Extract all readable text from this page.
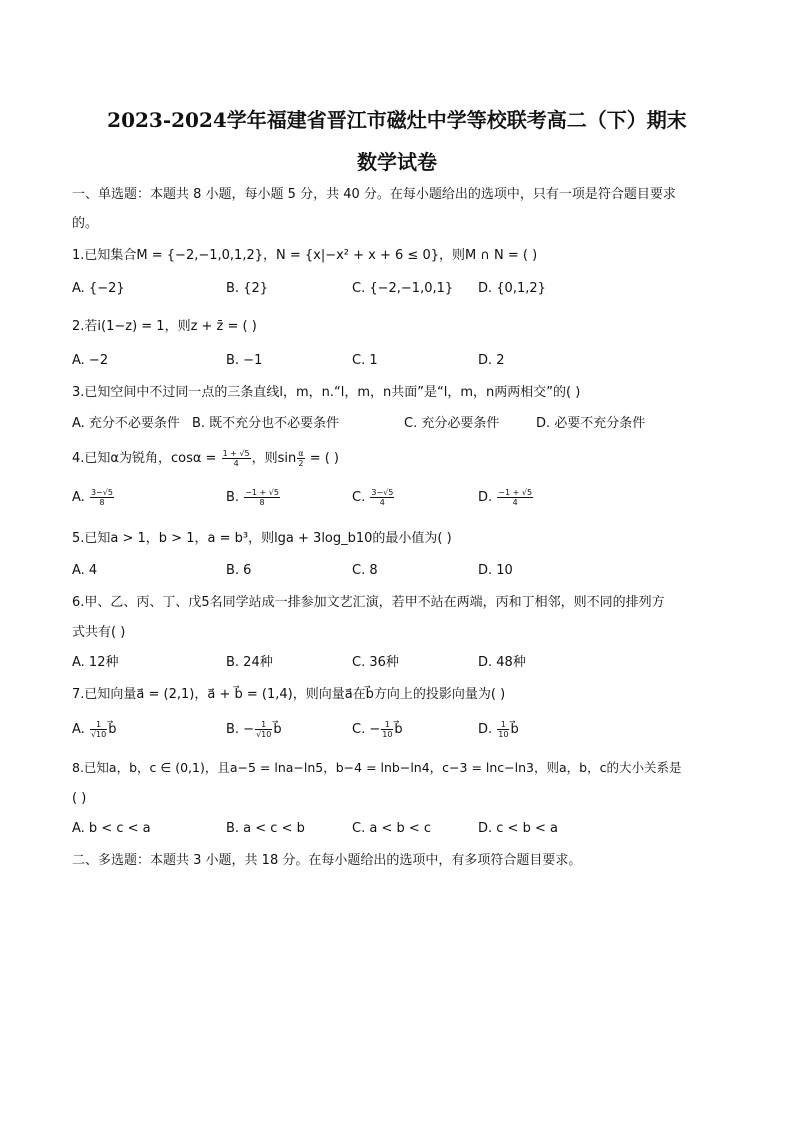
2023-2024学年福建省晋江市磁灶中学等校联考高二（下）期末
数学试卷
一、单选题：本题共 8 小题，每小题 5 分，共 40 分。在每小题给出的选项中，只有一项是符合题目要求
的。
1.已知集合M = {−2,−1,0,1,2}，N = {x|−x² + x + 6 ≤ 0}，则M ∩ N = ( )
A. {−2}	B. {2}	C. {−2,−1,0,1} D. {0,1,2}
2.若i(1−z) = 1，则z + z̄ = ( )
A. −2	B. −1	C. 1	D. 2
3.已知空间中不过同一点的三条直线l，m，n.“l，m，n共面”是“l，m，n两两相交”的( )
A. 充分不必要条件 B. 既不充分也不必要条件	C. 充分必要条件	D. 必要不充分条件
4.已知α为锐角，$\cos\alpha = \frac{1 + √5}{4}$ ，则$\sin \frac{\alpha}{2}$ = ( )
A. $\frac{3-√5}{8}$	B. $\frac{-1 + √5}{8}$	C. $\frac{3-√5}{4}$	D. $\frac{-1 + √5}{4}$
5.已知a > 1，b > 1，a = b³，则lga + 3log_b10的最小值为( )
A. 4	B. 6	C. 8	D. 10
6.甲、乙、丙、丁、戊5名同学站成一排参加文艺汇演，若甲不站在两端，丙和丁相邻，则不同的排列方
式共有( )
A. 12种	B. 24种	C. 36种	D. 48种
7.已知向量a⃗ = (2,1)，a⃗ + b⃗ = (1,4)，则向量a⃗在b⃗方向上的投影向量为( )
A. $\frac{1}{√10}$ b⃗	B. − $\frac{1}{√10}$ b⃗	C. − $\frac{1}{10}$ b⃗	D. $\frac{1}{10}$ b⃗
8.已知a，b，c ∈ (0,1)，且a−5 = lna−ln5，b−4 = lnb−ln4，c−3 = lnc−ln3，则a，b，c的大小关系是
( )
A. b < c < a	B. a < c < b	C. a < b < c	D. c < b < a
二、多选题：本题共 3 小题，共 18 分。在每小题给出的选项中，有多项符合题目要求。
